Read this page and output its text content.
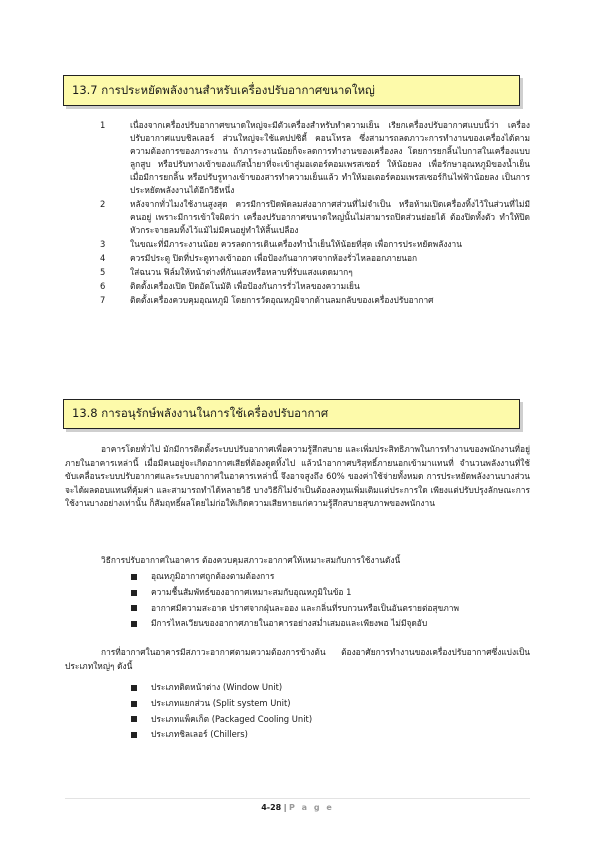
13.7 การประหยัดพลังงานสำหรับเครื่องปรับอากาศขนาดใหญ่
1	เนื่องจากเครื่องปรับอากาศขนาดใหญ่จะมีตัวเครื่องสำหรับทำความเย็น เรียกเครื่องปรับอากาศแบบนี้ว่า เครื่องปรับอากาศแบบชิลเลอร์ ส่วนใหญ่จะใช้แคปปซิตี้ คอนโทรล ซึ่งสามารถลดภาวะการทำงานของเครื่องได้ตามความต้องการของภาระงาน ถ้าภาระงานน้อยก็จะลดการทำงานของเครื่องลง โดยการยกลิ้นไบกาสในเครื่องแบบลูกสูบ หรือปรับทางเข้าของแก๊สน้ำยาที่จะเข้าสู่มอเตอร์คอมเพรสเซอร์ ให้น้อยลง เพื่อรักษาอุณหภูมิของน้ำเย็น เมื่อมีการยกลิ้น หรือปรับรูทางเข้าของสารทำความเย็นแล้ว ทำให้มอเตอร์คอมเพรสเซอร์กินไฟฟ้าน้อยลง เป็นการประหยัดพลังงานได้อีกวิธีหนึ่ง
2	หลังจากทั่วไมงใช้งานสูงสุด ควรมีการปิดพัดลมส่งอากาศส่วนที่ไม่จำเป็น หรือห้ามเปิดเครื่องทิ้งไว้ในส่วนที่ไม่มีคนอยู่ เพราะมีการเข้าใจผิดว่า เครื่องปรับอากาศขนาดใหญ่นั้นไม่สามารถปิดส่วนย่อยได้ ต้องปิดทั้งตัว ทำให้ปิดหัวกระจายลมทิ้งไว้แม้ไม่มีคนอยู่ทำให้สิ้นเปลือง
3	ในขณะที่มีภาระงานน้อย ควรลดการเดินเครื่องทำน้ำเย็นให้น้อยที่สุด เพื่อการประหยัดพลังงาน
4	ควรมีประตู ปิดที่ประตูทางเข้าออก เพื่อป้องกันอากาศจากห้องรั่วไหลออกภายนอก
5	ใส่ฉนวน ฟิล์มให้หน้าต่างที่กันแสงหรือหลาบที่รับแสงแดดมากๆ
6	ติดตั้งเครื่องเปิด ปิดอัตโนมัติ เพื่อป้องกันการรั่วไหลของความเย็น
7	ติดตั้งเครื่องควบคุมอุณหภูมิ โดยการวัดอุณหภูมิจากด้านลมกลับของเครื่องปรับอากาศ
13.8 การอนุรักษ์พลังงานในการใช้เครื่องปรับอากาศ
อาคารโดยทั่วไป มักมีการติดตั้งระบบปรับอากาศเพื่อความรู้สึกสบาย และเพิ่มประสิทธิภาพในการทำงานของพนักงานที่อยู่ภายในอาคารเหล่านี้ เมื่อมีคนอยู่จะเกิดอากาศเสียที่ต้องดูดทิ้งไป แล้วนำอากาศบริสุทธิ์ภายนอกเข้ามาแทนที่ จำนวนพลังงานที่ใช้ขับเคลื่อนระบบปรับอากาศและระบบอากาศในอาคารเหล่านี้ จึงอาจสูงถึง 60% ของค่าใช้จ่ายทั้งหมด การประหยัดพลังงานบางส่วนจะได้ผลตอบแทนที่คุ้มค่า และสามารถทำได้หลายวิธี บางวิธีก็ไม่จำเป็นต้องลงทุนเพิ่มเติมแต่ประการใด เพียงแต่ปรับปรุงลักษณะการใช้งานบางอย่างเท่านั้น ก็สัมฤทธิ์ผลโดยไม่ก่อให้เกิดความเสียหายแก่ความรู้สึกสบายสุขภาพของพนักงาน
วิธีการปรับอากาศในอาคาร ต้องควบคุมสภาวะอากาศให้เหมาะสมกับการใช้งานดังนี้
อุณหภูมิอากาศถูกต้องตามต้องการ
ความชื้นสัมพัทธ์ของอากาศเหมาะสมกับอุณหภูมิในข้อ 1
อากาศมีความสะอาด ปราศจากฝุ่นละออง และกลิ่นที่รบกวนหรือเป็นอันตรายต่อสุขภาพ
มีการไหลเวียนของอากาศภายในอาคารอย่างสม่ำเสมอและเพียงพอ ไม่มีจุดอับ
การที่อากาศในอาคารมีสภาวะอากาศตามความต้องการข้างต้น ต้องอาศัยการทำงานของเครื่องปรับอากาศซึ่งแบ่งเป็นประเภทใหญ่ๆ ดังนี้
ประเภทติดหน้าต่าง (Window Unit)
ประเภทแยกส่วน (Split system Unit)
ประเภทแพ็คเก็ต (Packaged Cooling Unit)
ประเภทชิลเลอร์ (Chillers)
4-28 | P a g e
